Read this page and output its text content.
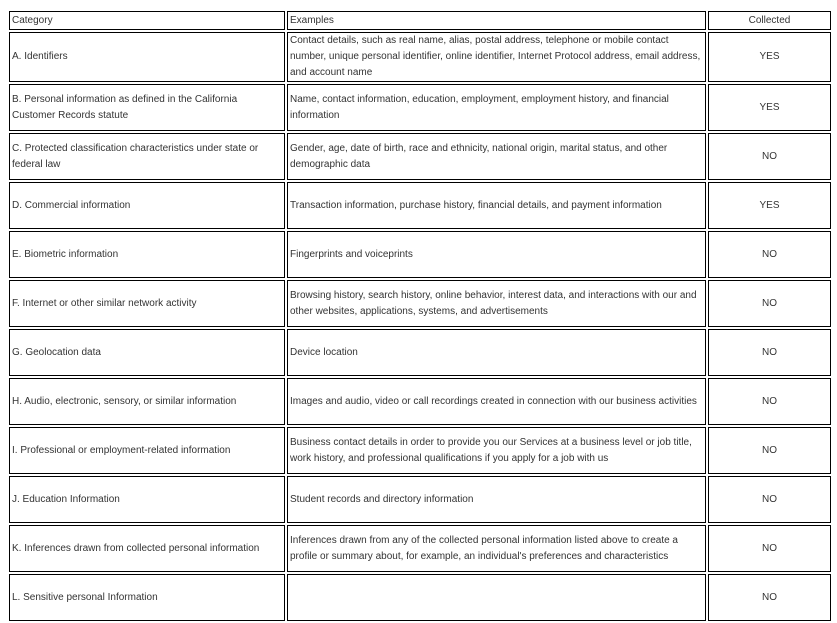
Category	Examples	Collected
A. Identifiers	Contact details, such as real name, alias, postal address, telephone or mobile contact number, unique personal identifier, online identifier, Internet Protocol address, email address, and account name	YES
B. Personal information as defined in the California Customer Records statute	Name, contact information, education, employment, employment history, and financial information	YES
C. Protected classification characteristics under state or federal law	Gender, age, date of birth, race and ethnicity, national origin, marital status, and other demographic data	NO
D. Commercial information	Transaction information, purchase history, financial details, and payment information	YES
E. Biometric information	Fingerprints and voiceprints	NO
F. Internet or other similar network activity	Browsing history, search history, online behavior, interest data, and interactions with our and other websites, applications, systems, and advertisements	NO
G. Geolocation data	Device location	NO
H. Audio, electronic, sensory, or similar information	Images and audio, video or call recordings created in connection with our business activities	NO
I. Professional or employment-related information	Business contact details in order to provide you our Services at a business level or job title, work history, and professional qualifications if you apply for a job with us	NO
J. Education Information	Student records and directory information	NO
K. Inferences drawn from collected personal information	Inferences drawn from any of the collected personal information listed above to create a profile or summary about, for example, an individual's preferences and characteristics	NO
L. Sensitive personal Information		NO
